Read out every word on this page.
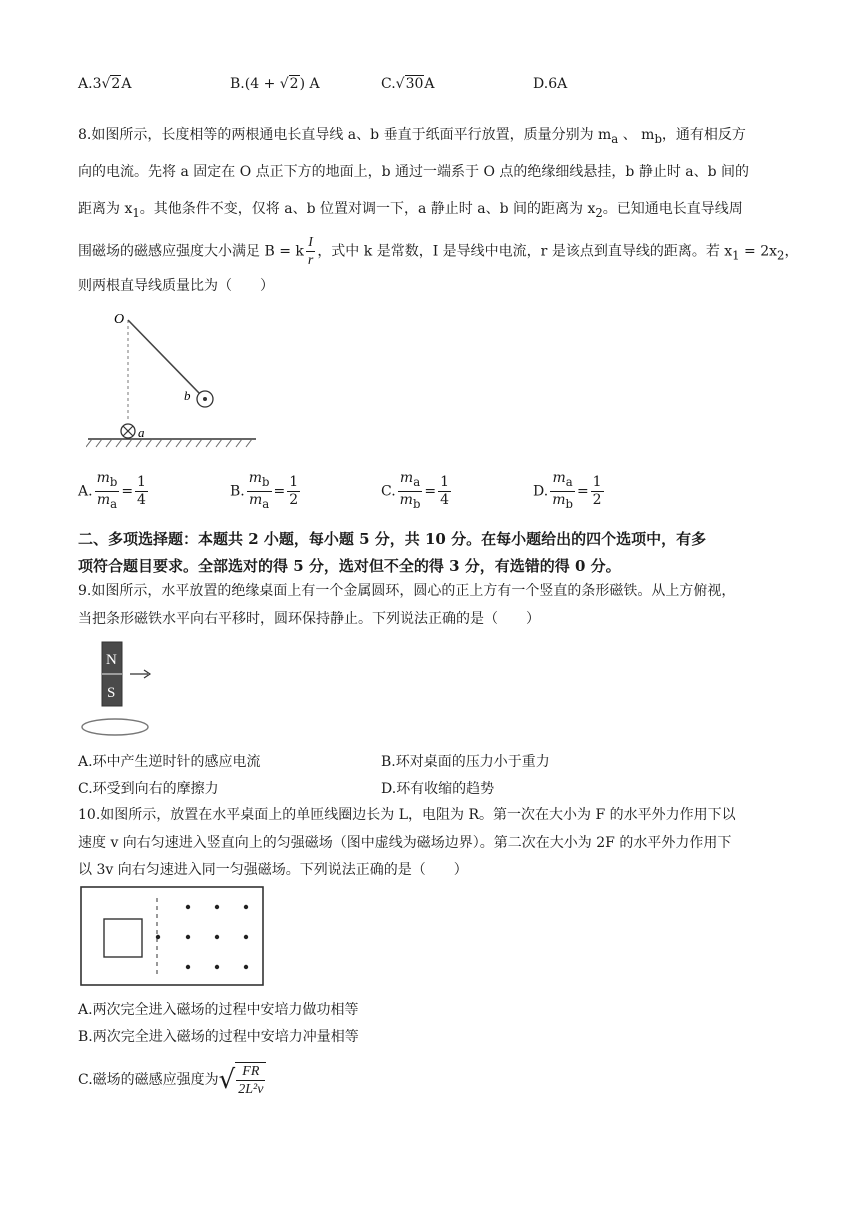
A.3√2A	B.(4 + √2) A	C.√30A	D.6A
8.如图所示，长度相等的两根通电长直导线 a、b 垂直于纸面平行放置，质量分别为 $m_a$ 、 $m_b$，通有相反方
向的电流。先将 a 固定在 O 点正下方的地面上，b 通过一端系于 O 点的绝缘细线悬挂，b 静止时 a、b 间的
距离为 $x_1$。其他条件不变，仅将 a、b 位置对调一下，a 静止时 a、b 间的距离为 $x_2$。已知通电长直导线周
围磁场的磁感应强度大小满足 B = k $\frac{I}{r}$ ，式中 k 是常数，I 是导线中电流，r 是该点到直导线的距离。若 $x_1 = 2x_2$，
则两根直导线质量比为（　　）
O
b
a
A. $\frac{m_b}{m_a} = \frac{1}{4}$	B. $\frac{m_b}{m_a} = \frac{1}{2}$	C. $\frac{m_a}{m_b} = \frac{1}{4}$	D. $\frac{m_a}{m_b} = \frac{1}{2}$
二、多项选择题：本题共 2 小题，每小题 5 分，共 10 分。在每小题给出的四个选项中，有多
项符合题目要求。全部选对的得 5 分，选对但不全的得 3 分，有选错的得 0 分。
9.如图所示，水平放置的绝缘桌面上有一个金属圆环，圆心的正上方有一个竖直的条形磁铁。从上方俯视，
当把条形磁铁水平向右平移时，圆环保持静止。下列说法正确的是（　　）
N
S
A.环中产生逆时针的感应电流	B.环对桌面的压力小于重力
C.环受到向右的摩擦力	D.环有收缩的趋势
10.如图所示，放置在水平桌面上的单匝线圈边长为 L，电阻为 R。第一次在大小为 F 的水平外力作用下以
速度 v 向右匀速进入竖直向上的匀强磁场（图中虚线为磁场边界）。第二次在大小为 2F 的水平外力作用下
以 3v 向右匀速进入同一匀强磁场。下列说法正确的是（　　）
A.两次完全进入磁场的过程中安培力做功相等
B.两次完全进入磁场的过程中安培力冲量相等
C.磁场的磁感应强度为√ $\frac{FR}{\text{2L²v}}$
